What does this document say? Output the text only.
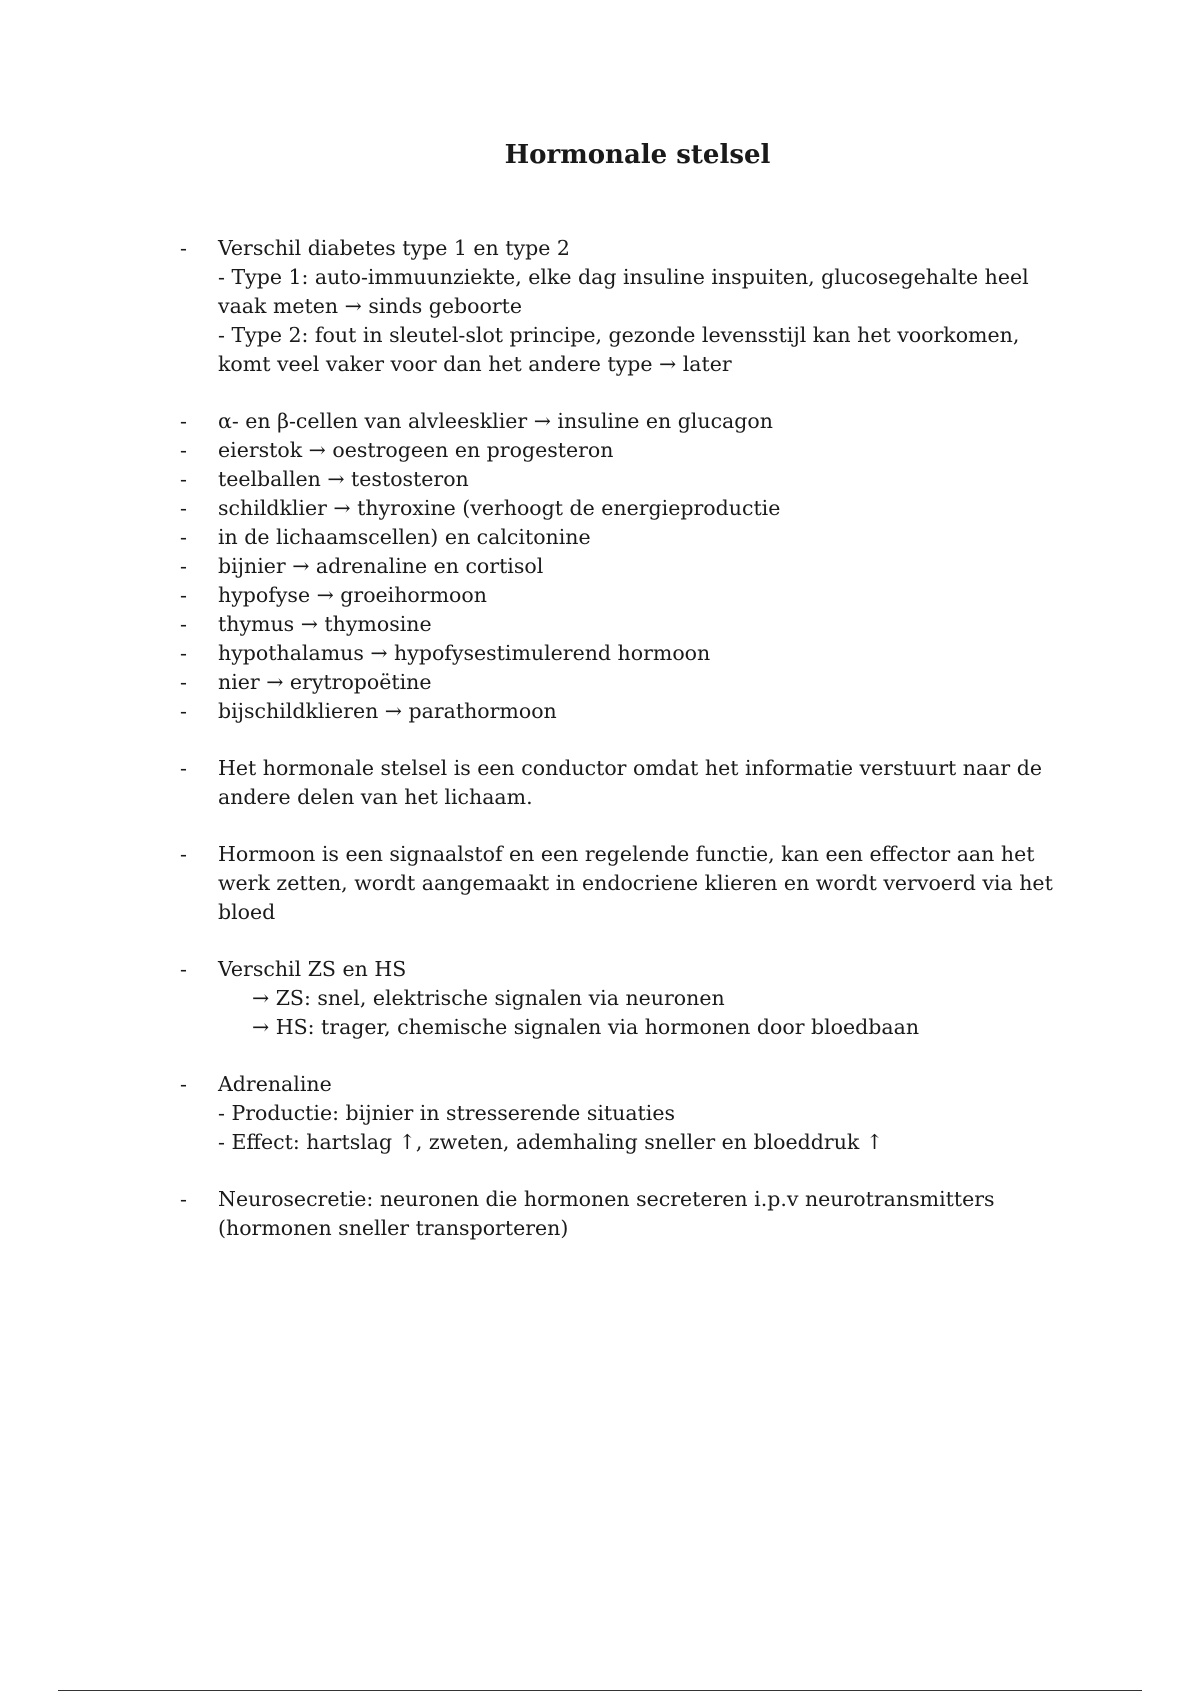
Hormonale stelsel
- Verschil diabetes type 1 en type 2
- Type 1: auto-immuunziekte, elke dag insuline inspuiten, glucosegehalte heel vaak meten → sinds geboorte
- Type 2: fout in sleutel-slot principe, gezonde levensstijl kan het voorkomen, komt veel vaker voor dan het andere type → later
- α- en β-cellen van alvleesklier → insuline en glucagon
- eierstok → oestrogeen en progesteron
- teelballen → testosteron
- schildklier → thyroxine (verhoogt de energieproductie
- in de lichaamscellen) en calcitonine
- bijnier → adrenaline en cortisol
- hypofyse → groeihormoon
- thymus → thymosine
- hypothalamus → hypofysestimulerend hormoon
- nier → erytropoëtine
- bijschildklieren → parathormoon
- Het hormonale stelsel is een conductor omdat het informatie verstuurt naar de andere delen van het lichaam.
- Hormoon is een signaalstof en een regelende functie, kan een effector aan het werk zetten, wordt aangemaakt in endocriene klieren en wordt vervoerd via het bloed
- Verschil ZS en HS
→ ZS: snel, elektrische signalen via neuronen
→ HS: trager, chemische signalen via hormonen door bloedbaan
- Adrenaline
- Productie: bijnier in stresserende situaties
- Effect: hartslag ↑, zweten, ademhaling sneller en bloeddruk ↑
- Neurosecretie: neuronen die hormonen secreteren i.p.v neurotransmitters (hormonen sneller transporteren)
